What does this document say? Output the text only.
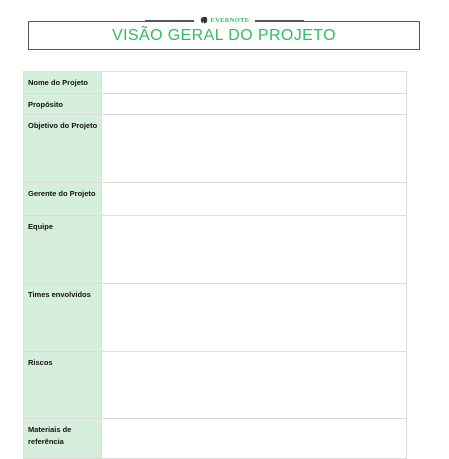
EVERNOTE
VISÃO GERAL DO PROJETO
Nome do Projeto	
Propósito	
Objetivo do Projeto	
Gerente do Projeto	
Equipe	
Times envolvidos	
Riscos	
Materiais de referência	
